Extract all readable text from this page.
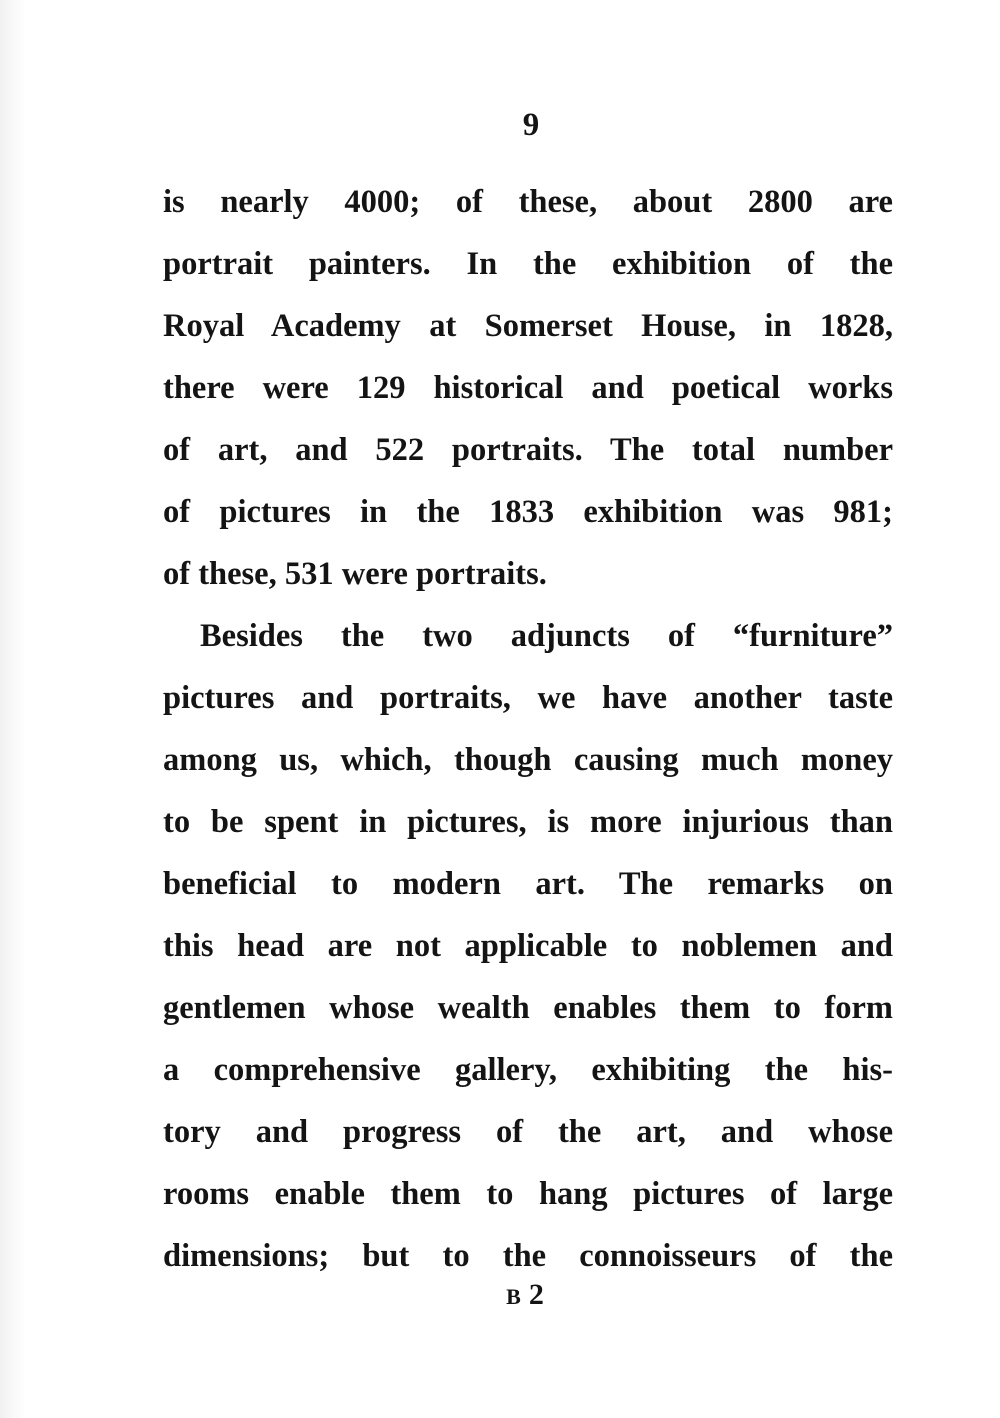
9
is nearly 4000; of these, about 2800 are
portrait painters. In the exhibition of the
Royal Academy at Somerset House, in 1828,
there were 129 historical and poetical works
of art, and 522 portraits. The total number
of pictures in the 1833 exhibition was 981;
of these, 531 were portraits.
Besides the two adjuncts of “furniture”
pictures and portraits, we have another taste
among us, which, though causing much money
to be spent in pictures, is more injurious than
beneficial to modern art. The remarks on
this head are not applicable to noblemen and
gentlemen whose wealth enables them to form
a comprehensive gallery, exhibiting the his-
tory and progress of the art, and whose
rooms enable them to hang pictures of large
dimensions; but to the connoisseurs of the
B 2
